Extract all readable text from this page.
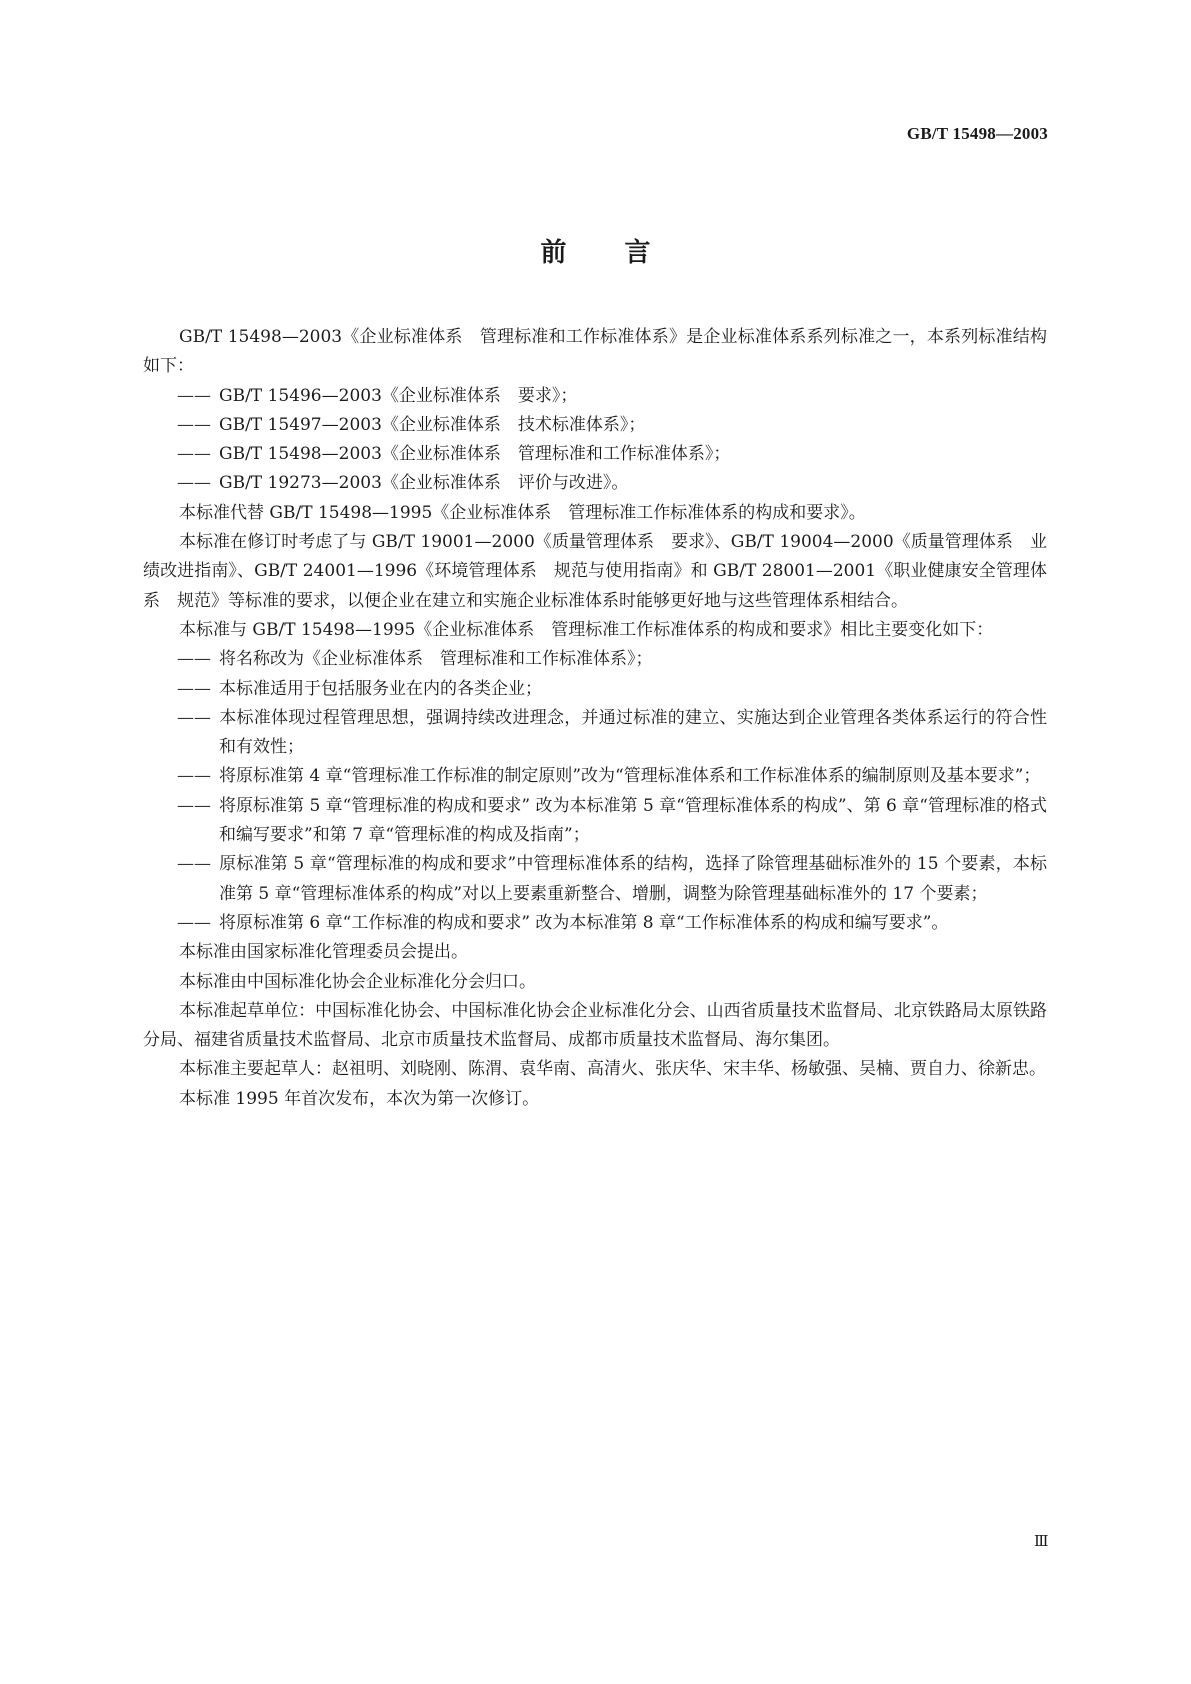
GB/T 15498—2003
前 言

GB/T 15498—2003《企业标准体系　管理标准和工作标准体系》是企业标准体系系列标准之一，本系列标准结构如下：

—— GB/T 15496—2003《企业标准体系　要求》；

—— GB/T 15497—2003《企业标准体系　技术标准体系》；

—— GB/T 15498—2003《企业标准体系　管理标准和工作标准体系》；

—— GB/T 19273—2003《企业标准体系　评价与改进》。

本标准代替 GB/T 15498—1995《企业标准体系　管理标准工作标准体系的构成和要求》。

本标准在修订时考虑了与 GB/T 19001—2000《质量管理体系　要求》、GB/T 19004—2000《质量管理体系　业绩改进指南》、GB/T 24001—1996《环境管理体系　规范与使用指南》和 GB/T 28001—2001《职业健康安全管理体系　规范》等标准的要求，以便企业在建立和实施企业标准体系时能够更好地与这些管理体系相结合。

本标准与 GB/T 15498—1995《企业标准体系　管理标准工作标准体系的构成和要求》相比主要变化如下：

—— 将名称改为《企业标准体系　管理标准和工作标准体系》；

—— 本标准适用于包括服务业在内的各类企业；

—— 本标准体现过程管理思想，强调持续改进理念，并通过标准的建立、实施达到企业管理各类体系运行的符合性和有效性；

—— 将原标准第 4 章“管理标准工作标准的制定原则”改为“管理标准体系和工作标准体系的编制原则及基本要求”；

—— 将原标准第 5 章“管理标准的构成和要求” 改为本标准第 5 章“管理标准体系的构成”、第 6 章“管理标准的格式和编写要求”和第 7 章“管理标准的构成及指南”；

—— 原标准第 5 章“管理标准的构成和要求”中管理标准体系的结构，选择了除管理基础标准外的 15 个要素，本标准第 5 章“管理标准体系的构成”对以上要素重新整合、增删，调整为除管理基础标准外的 17 个要素；

—— 将原标准第 6 章“工作标准的构成和要求” 改为本标准第 8 章“工作标准体系的构成和编写要求”。

本标准由国家标准化管理委员会提出。

本标准由中国标准化协会企业标准化分会归口。

本标准起草单位：中国标准化协会、中国标准化协会企业标准化分会、山西省质量技术监督局、北京铁路局太原铁路分局、福建省质量技术监督局、北京市质量技术监督局、成都市质量技术监督局、海尔集团。

本标准主要起草人：赵祖明、刘晓刚、陈渭、袁华南、高清火、张庆华、宋丰华、杨敏强、吴楠、贾自力、徐新忠。

本标准 1995 年首次发布，本次为第一次修订。

Ⅲ
